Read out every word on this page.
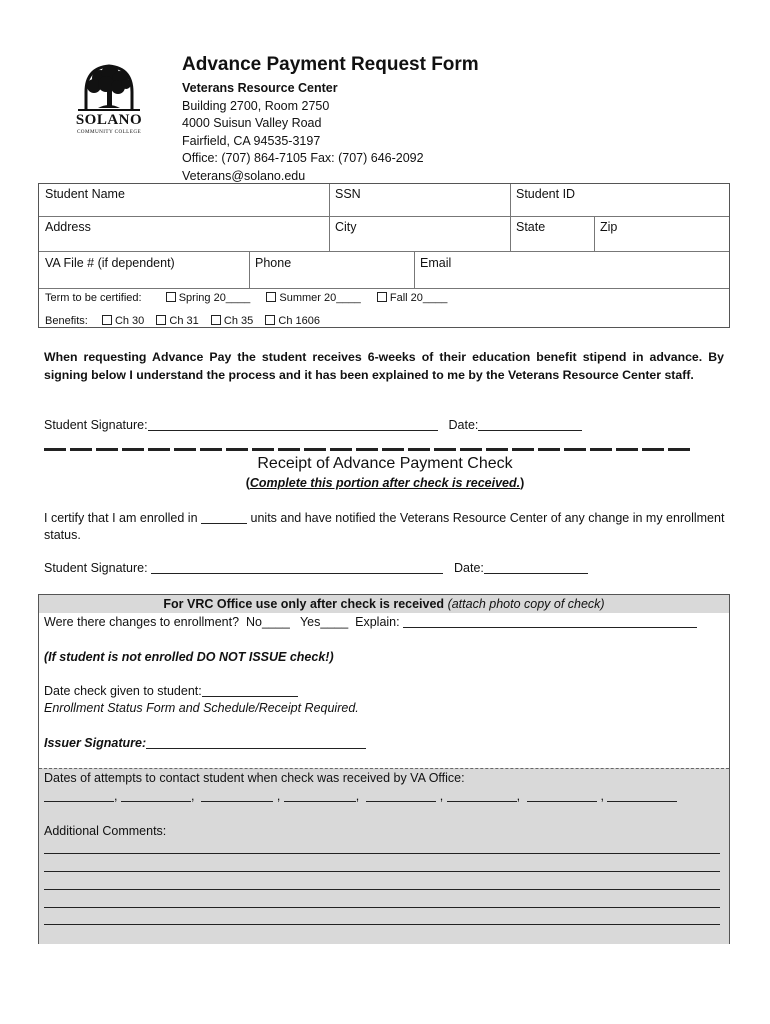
SOLANO
COMMUNITY COLLEGE
Advance Payment Request Form
Veterans Resource Center
Building 2700, Room 2750
4000 Suisun Valley Road
Fairfield, CA 94535-3197
Office: (707) 864-7105 Fax: (707) 646-2092
Veterans@solano.edu
Student Name	SSN	Student ID
Address	City	State	Zip
VA File # (if dependent)	Phone	Email
Term to be certified:	Spring 20____	Summer 20____	Fall 20____
Benefits: Ch 30 Ch 31 Ch 35 Ch 1606
When requesting Advance Pay the student receives 6-weeks of their education benefit stipend in advance. By signing below I understand the process and it has been explained to me by the Veterans Resource Center staff.
Student Signature:	Date:
Receipt of Advance Payment Check
(Complete this portion after check is received.)
I certify that I am enrolled in	units and have notified the Veterans Resource Center of any change in my enrollment status.
Student Signature:	Date:
For VRC Office use only after check is received (attach photo copy of check)
Were there changes to enrollment? No____ Yes____ Explain:
(If student is not enrolled DO NOT ISSUE check!)
Date check given to student:
Enrollment Status Form and Schedule/Receipt Required.
Issuer Signature:
Dates of attempts to contact student when check was received by VA Office:
,	,	,	,	,	,	,
Additional Comments:
